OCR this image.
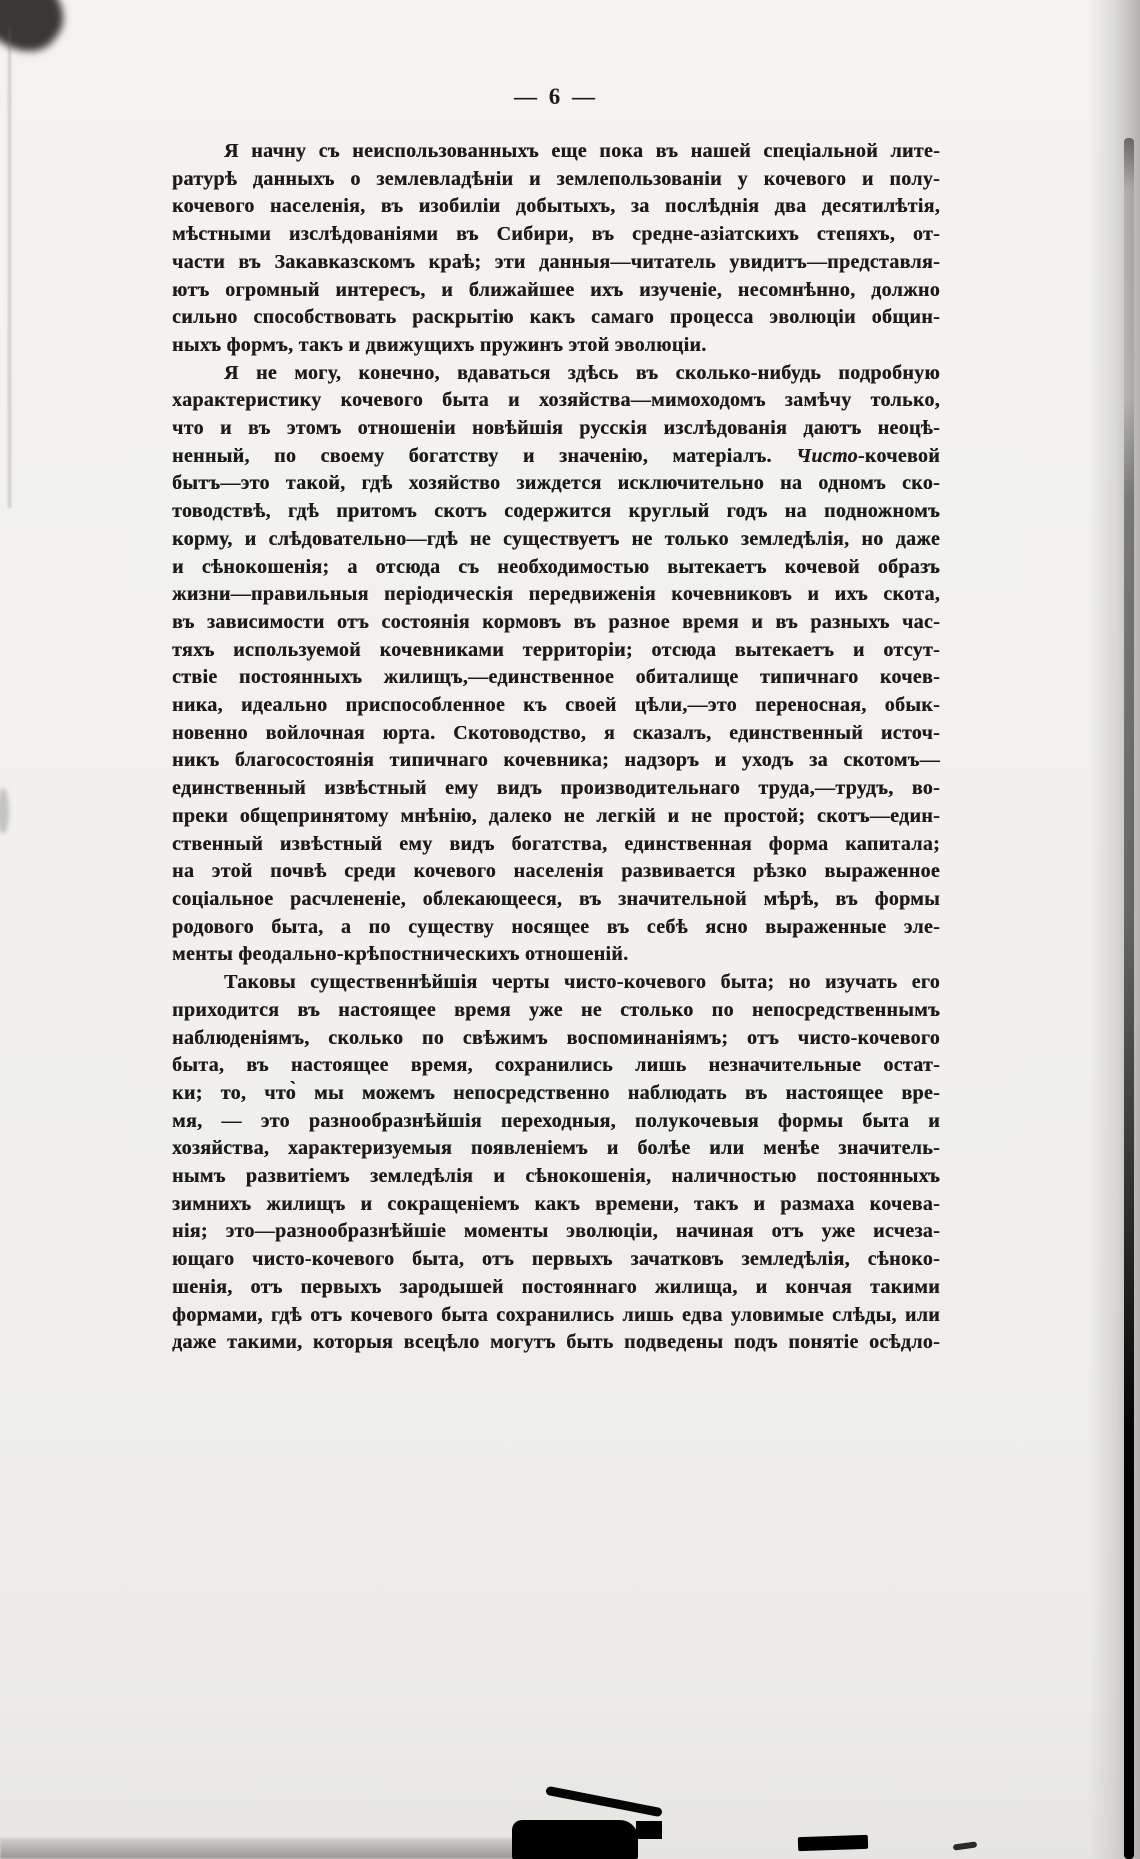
— 6 —
Я начну съ неиспользованныхъ еще пока въ нашей спеціальной лите-
ратурѣ данныхъ о землевладѣніи и землепользованіи у кочевого и полу-
кочевого населенія, въ изобиліи добытыхъ, за послѣднія два десятилѣтія,
мѣстными изслѣдованіями въ Сибири, въ средне-азіатскихъ степяхъ, от-
части въ Закавказскомъ краѣ; эти данныя—читатель увидитъ—представля-
ютъ огромный интересъ, и ближайшее ихъ изученіе, несомнѣнно, должно
сильно способствовать раскрытію какъ самаго процесса эволюціи общин-
ныхъ формъ, такъ и движущихъ пружинъ этой эволюціи.
Я не могу, конечно, вдаваться здѣсь въ сколько-нибудь подробную
характеристику кочевого быта и хозяйства—мимоходомъ замѣчу только,
что и въ этомъ отношеніи новѣйшія русскія изслѣдованія даютъ неоцѣ-
ненный, по своему богатству и значенію, матеріалъ. Чисто-кочевой
бытъ—это такой, гдѣ хозяйство зиждется исключительно на одномъ ско-
товодствѣ, гдѣ притомъ скотъ содержится круглый годъ на подножномъ
корму, и слѣдовательно—гдѣ не существуетъ не только земледѣлія, но даже
и сѣнокошенія; а отсюда съ необходимостью вытекаетъ кочевой образъ
жизни—правильныя періодическія передвиженія кочевниковъ и ихъ скота,
въ зависимости отъ состоянія кормовъ въ разное время и въ разныхъ час-
тяхъ используемой кочевниками территоріи; отсюда вытекаетъ и отсут-
ствіе постоянныхъ жилищъ,—единственное обиталище типичнаго кочев-
ника, идеально приспособленное къ своей цѣли,—это переносная, обык-
новенно войлочная юрта. Скотоводство, я сказалъ, единственный источ-
никъ благосостоянія типичнаго кочевника; надзоръ и уходъ за скотомъ—
единственный извѣстный ему видъ производительнаго труда,—трудъ, во-
преки общепринятому мнѣнію, далеко не легкій и не простой; скотъ—един-
ственный извѣстный ему видъ богатства, единственная форма капитала;
на этой почвѣ среди кочевого населенія развивается рѣзко выраженное
соціальное расчлененіе, облекающееся, въ значительной мѣрѣ, въ формы
родового быта, а по существу носящее въ себѣ ясно выраженные эле-
менты феодально-крѣпостническихъ отношеній.
Таковы существеннѣйшія черты чисто-кочевого быта; но изучать его
приходится въ настоящее время уже не столько по непосредственнымъ
наблюденіямъ, сколько по свѣжимъ воспоминаніямъ; отъ чисто-кочевого
быта, въ настоящее время, сохранились лишь незначительные остат-
ки; то, что̀ мы можемъ непосредственно наблюдать въ настоящее вре-
мя, — это разнообразнѣйшія переходныя, полукочевыя формы быта и
хозяйства, характеризуемыя появленіемъ и болѣе или менѣе значитель-
нымъ развитіемъ земледѣлія и сѣнокошенія, наличностью постоянныхъ
зимнихъ жилищъ и сокращеніемъ какъ времени, такъ и размаха кочева-
нія; это—разнообразнѣйшіе моменты эволюціи, начиная отъ уже исчеза-
ющаго чисто-кочевого быта, отъ первыхъ зачатковъ земледѣлія, сѣноко-
шенія, отъ первыхъ зародышей постояннаго жилища, и кончая такими
формами, гдѣ отъ кочевого быта сохранились лишь едва уловимые слѣды, или
даже такими, которыя всецѣло могутъ быть подведены подъ понятіе осѣдло-
